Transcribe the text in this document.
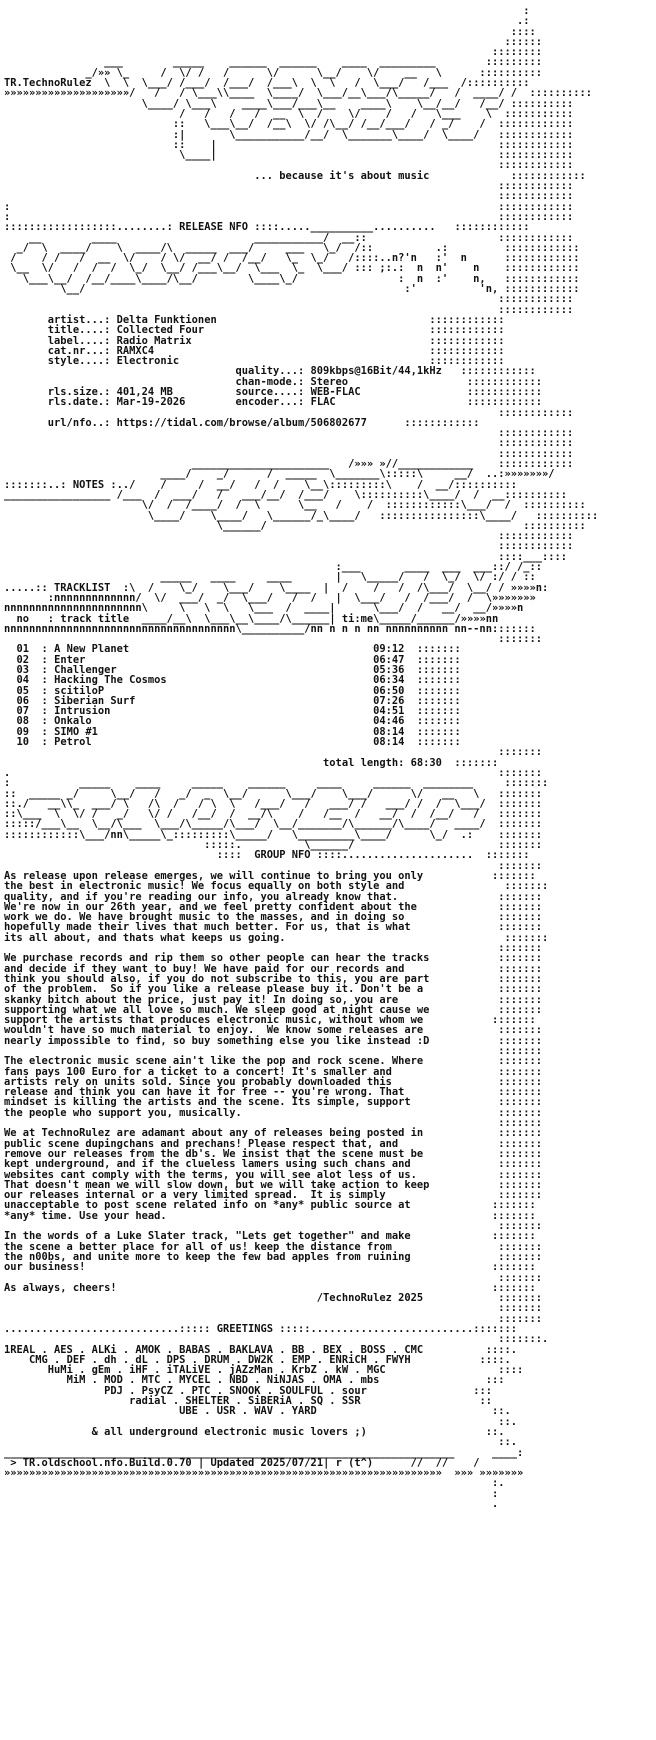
:
.:
::::
::::::
::::::::
___        _____    ______  ______    ____  _________        :::::::::
_/»» \_     /  \/ /   /      \/      \__/    \/    __   \      ::::::::::
TR.TechnoRulez  \  \  \___/ /___/  /___/  /___\  \  \   /  \___/   /___  /::::::::::
»»»»»»»»»»»»»»»»»»»»/   /   / \___\\____  \____/  \___/__\___/\_____/   /  ____/ /  ::::::::::
\____/ \___\    ____\___/___\__    ____\    \__/__/   /__/ ::::::::::
/   /   /   /  __  \  /    \/    /   /   \___    \  :::::::::::
::   \___\__/  /__\  \/ /\__/ /__/___/   / _/    /  ::::::::::::
:|       \___________/__/  \_______\____/  \____/   ::::::::::::
::    |                                             ::::::::::::
\____|                                             ::::::::::::
::::::::::::
... because it's about music             ::::::::::::
::::::::::::
::::::::::::
:                                                                              ::::::::::::
:                                                                              ::::::::::::
::::::::::::::::::........: RELEASE NFO ::::.....__________..........   ::::::::::::
__        ____                      ___________/  __::                     ::::::::::::
_/  \  ____/    \  ____/\  _____  ___/     ___   \_/  /::          .:         ::::::::::::
/    / /   /  __  \/    / \/  __/ /  /__/   \_  \_/   /::::..n?'n   :'  n      ::::::::::::
\__  \/   /  /  /  \_/  \__/ /___\__/  \___  \_  \___/ ::: ;:.:  n  n'    n    ::::::::::::
\___\__/  /__/____\____/\__/        \____\_/                :  n  :'    n,   ::::::::::::
\__/                                                   :'          'n, ::::::::::::
::::::::::::
::::::::::::
artist...: Delta Funktionen                                  ::::::::::::
title....: Collected Four                                    ::::::::::::
label....: Radio Matrix                                      ::::::::::::
cat.nr...: RAMXC4                                            ::::::::::::
style....: Electronic                                        ::::::::::::
quality...: 809kbps@16Bit/44,1kHz   ::::::::::::
chan-mode.: Stereo                   ::::::::::::
rls.size.: 401,24 MB          source....: WEB-FLAC                 ::::::::::::
rls.date.: Mar-19-2026        encoder...: FLAC                     ::::::::::::
::::::::::::
url/nfo..: https://tidal.com/browse/album/506802677      ::::::::::::
::::::::::::
::::::::::::
::::::::::::
______________________   /»»» »//____________    ::::::::::::
____/    _/      /  _____  \_______\:::::\     __/  ..:»»»»»»»/
:::::::..: NOTES :../    /     /  __/   /  /    \__\:::::::::\    /  __/::::::::::
_________________ /___  /  ___/   /   ___/__/  /___/    \::::::::::\____/  /  __::::::::::
\/  /  /____/  /  \      \__   /    /  ::::::::::::\___/  /  ::::::::::
\____/    \____/   \______/_\____/   ::::::::::::::::\____/   ::::::::::
\______/                                         ::::::::::
::::::::::::
::::::::::::
::::___::::
:___       ____  ___  ___::/ /_::
_____   ____     ____       |   \_____/   /  \_/  \/ :/ / ::
.....:: TRACKLIST  :\  /    \_/    \___/    \____  |  /    /   /  /\___/  \__/ / »»»»n:
:nnnnnnnnnnnnn/  \/  ___/  _/  \___/   /  /   |  \___/   /  /___/  /  \»»»»»»»
nnnnnnnnnnnnnnnnnnnnnn\     \   \  \   \___  /  ____|      \___/  /   __/  __/»»»»n
no   : track title  ____/__\  \___\__\____/\______| ti:me\_____/______/»»»»nn
nnnnnnnnnnnnnnnnnnnnnnnnnnnnnnnnnnnnn\__________/nn n n n nn nnnnnnnnnn nn--nn:::::::
:::::::
01  : A New Planet	09:12  :::::::
02  : Enter	06:47  :::::::
03  : Challenger	05:36  :::::::
04  : Hacking The Cosmos	06:34  :::::::
05  : scitiloP	06:50  :::::::
06  : Siberian Surf	07:26  :::::::
07  : Intrusion	04:51  :::::::
08  : Onkalo	04:46  :::::::
09  : SIMO #1	08:14  :::::::
10  : Petrol	08:14  :::::::
:::::::
total length: 68:30  :::::::
.                                                                              :::::::
:           _____    ____     _____    ______     ____     ______  ________     :::::::
::  _____ _/     \__/   /   _/  _  \__/      \___/    \___/      \/   __   \   :::::::
::./   __\\_  ___/ \   /\  /   / \  \   /___/   /   ___/ /   ___/ /  /  \___/  :::::::
::\___  \  \/ /   _/   \/ /   /__/  /  __/\    /   /__  /   __/  /  /__/   /   :::::::
:::::/___\__  \__/\___  \___/\_____/\___/  \__/_______/\______/\____/   ____/  :::::::
::::::::::::\___/nn\_____\_:::::::::\_____/   \_________\____/      \_/  .:    :::::::
:::::.          \______/                       :::::::
::::  GROUP NFO ::::.....................  :::::::
:::::::
As release upon release emerges, we will continue to bring you only           :::::::
the best in electronic music! We focus equally on both style and                :::::::
quality, and if you're reading our info, you already know that.                :::::::
We're now in our 26th year, and we feel pretty confident about the             :::::::
work we do. We have brought music to the masses, and in doing so               :::::::
hopefully made their lives that much better. For us, that is what              :::::::
its all about, and thats what keeps us going.                                   :::::::
:::::::
We purchase records and rip them so other people can hear the tracks           :::::::
and decide if they want to buy! We have paid for our records and               :::::::
think you should also, if you do not subscribe to this, you are part           :::::::
of the problem.  So if you like a release please buy it. Don't be a            :::::::
skanky bitch about the price, just pay it! In doing so, you are                :::::::
supporting what we all love so much. We sleep good at night cause we           :::::::
support the artists that produces electronic music, without whom we           :::::::
wouldn't have so much material to enjoy.  We know some releases are            :::::::
nearly impossible to find, so buy something else you like instead :D           :::::::
:::::::
The electronic music scene ain't like the pop and rock scene. Where            :::::::
fans pays 100 Euro for a ticket to a concert! It's smaller and                 :::::::
artists rely on units sold. Since you probably downloaded this                 :::::::
release and think you can have it for free -- you're wrong. That               :::::::
mindset is killing the artists and the scene. Its simple, support              :::::::
the people who support you, musically.                                         :::::::
:::::::
We at TechnoRulez are adamant about any of releases being posted in            :::::::
public scene dupingchans and prechans! Please respect that, and                :::::::
remove our releases from the db's. We insist that the scene must be            :::::::
kept underground, and if the clueless lamers using such chans and              :::::::
websites cant comply with the terms, you will see alot less of us.             :::::::
That doesn't mean we will slow down, but we will take action to keep           :::::::
our releases internal or a very limited spread.  It is simply                  :::::::
unacceptable to post scene related info on *any* public source at             :::::::
*any* time. Use your head.                                                    :::::::
:::::::
In the words of a Luke Slater track, "Lets get together" and make             :::::::
the scene a better place for all of us! keep the distance from                 :::::::
the n00bs, and unite more to keep the few bad apples from ruining              :::::::
our business!                                                                 :::::::
:::::::
As always, cheers!                                                            :::::::
/TechnoRulez 2025            :::::::
:::::::
:::::::
............................::::: GREETINGS :::::..........................:::::::
:::::::.
1REAL . AES . ALKi . AMOK . BABAS . BAKLAVA . BB . BEX . BOSS . CMC          ::::.
CMG . DEF . dh . dL . DPS . DRUM . DW2K . EMP . ENRiCH . FWYH           ::::.
HuMi . gEm . iHF . iTALiVE . jAZzMan . KrbZ . kW . MGC                  ::::
MiM . MOD . MTC . MYCEL . NBD . NiNJAS . OMA . mbs                 :::
PDJ . PsyCZ . PTC . SNOOK . SOULFUL . sour                 :::
radial . SHELTER . SiBERiA . SQ . SSR                   ::
UBE . USR . WAV . YARD                            ::.
::.
& all underground electronic music lovers ;)                   ::.
::.
________________________________________________________________________      ____:
> TR.oldschool.nfo.Build.0.70 | Updated 2025/07/21| r (t^)      //  //    /
»»»»»»»»»»»»»»»»»»»»»»»»»»»»»»»»»»»»»»»»»»»»»»»»»»»»»»»»»»»»»»»»»»»»»»  »»» »»»»»»»
:.
:
.
